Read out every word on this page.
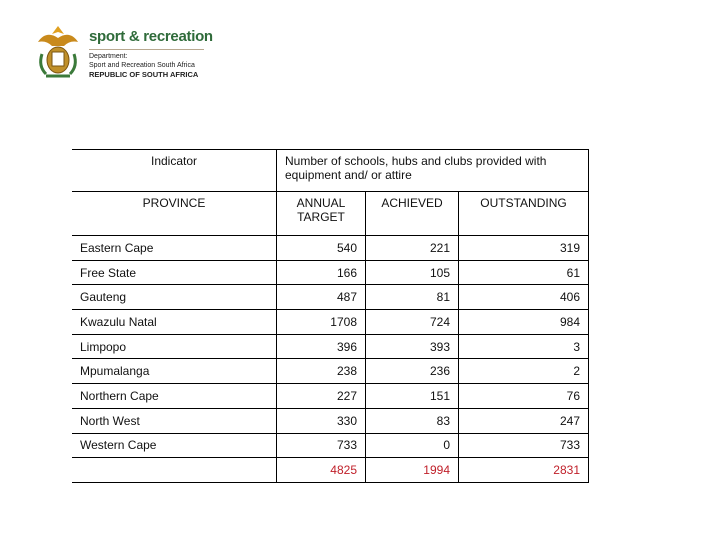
sport & recreation
Department:
Sport and Recreation South Africa
REPUBLIC OF SOUTH AFRICA
Indicator	Number of schools, hubs and clubs provided with equipment and/ or attire		
PROVINCE	ANNUAL TARGET	ACHIEVED	OUTSTANDING
Eastern Cape	540	221	319
Free State	166	105	61
Gauteng	487	81	406
Kwazulu Natal	1708	724	984
Limpopo	396	393	3
Mpumalanga	238	236	2
Northern Cape	227	151	76
North West	330	83	247
Western Cape	733	0	733
	4825	1994	2831
